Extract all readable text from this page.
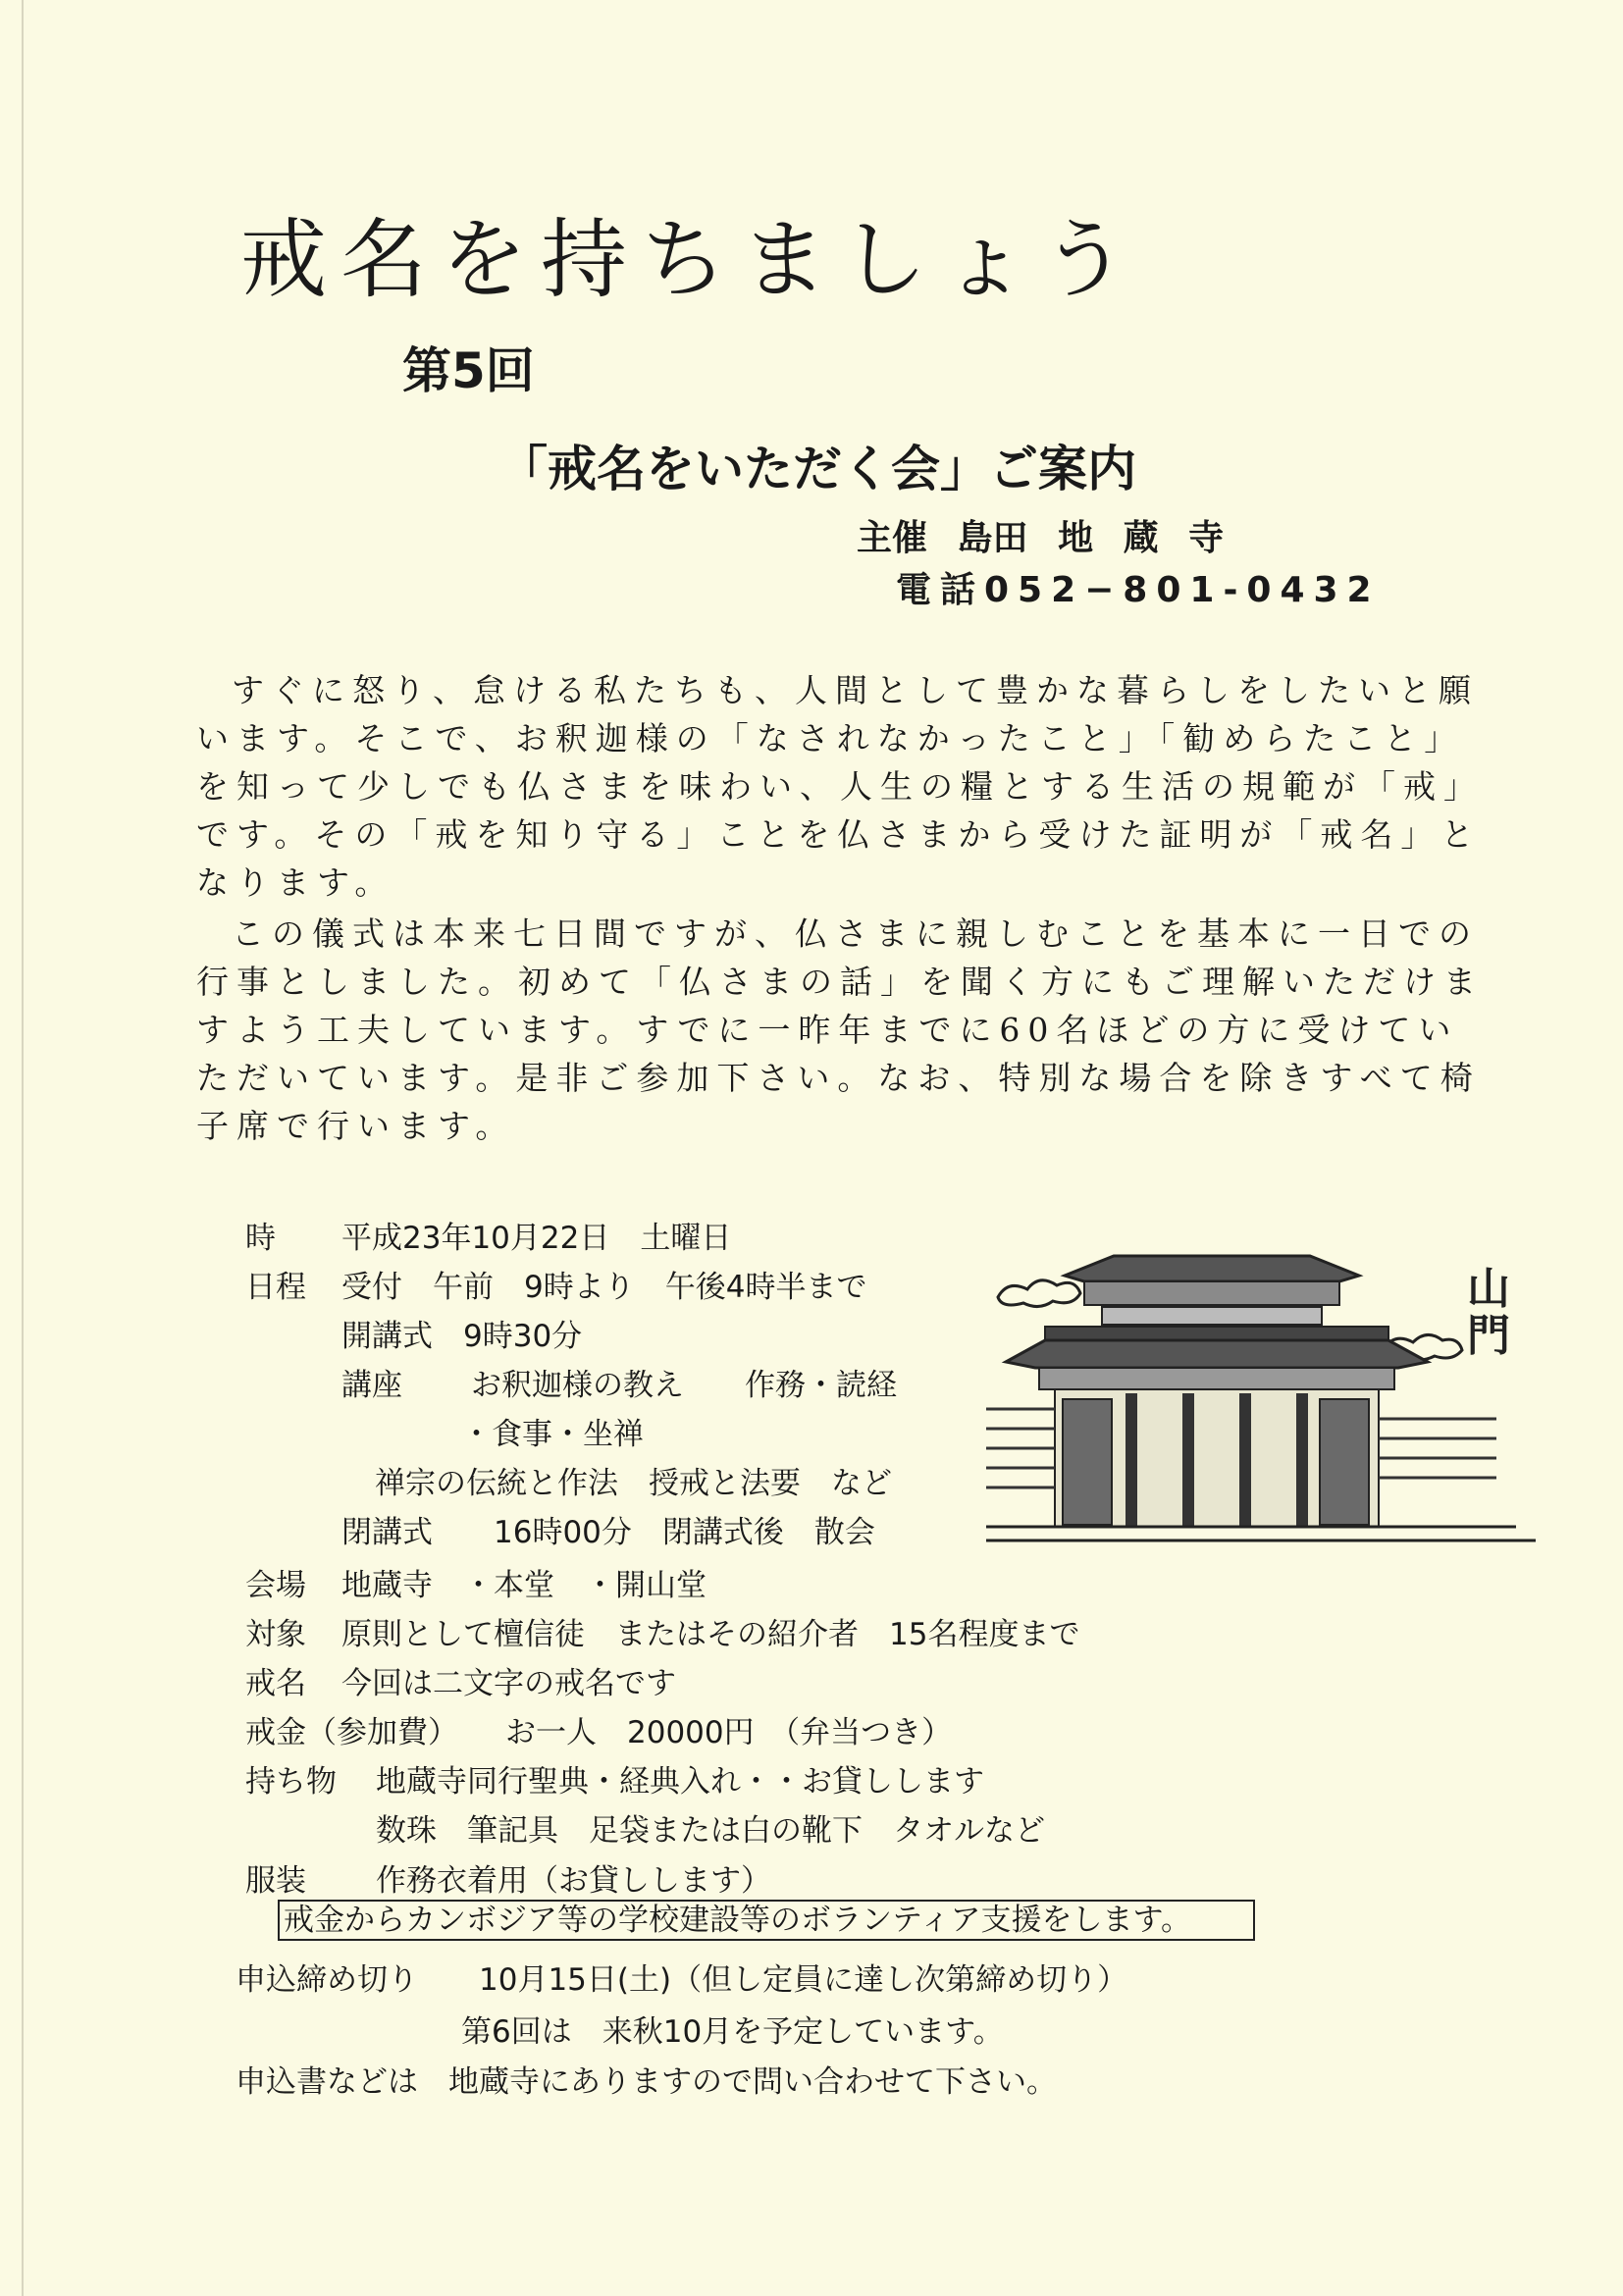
戒名を持ちましょう
第5回
「戒名をいただく会」ご案内
主催 島田 地 蔵 寺
電話052−801-0432
すぐに怒り、怠ける私たちも、人間として豊かな暮らしをしたいと願
います。そこで、お釈迦様の「なされなかったこと」「勧めらたこと」
を知って少しでも仏さまを味わい、人生の糧とする生活の規範が「戒」
です。その「戒を知り守る」ことを仏さまから受けた証明が「戒名」と
なります。
この儀式は本来七日間ですが、仏さまに親しむことを基本に一日での
行事としました。初めて「仏さまの話」を聞く方にもご理解いただけま
すよう工夫しています。すでに一昨年までに60名ほどの方に受けてい
ただいています。是非ご参加下さい。なお、特別な場合を除きすべて椅
子席で行います。
時 平成23年10月22日　土曜日
日程 受付　午前　9時より　午後4時半まで
開講式　9時30分
講座 お釈迦様の教え　　作務・読経
・食事・坐禅
禅宗の伝統と作法　授戒と法要　など
閉講式　　16時00分　閉講式後　散会
会場 地蔵寺　・本堂　・開山堂
対象 原則として檀信徒　またはその紹介者　15名程度まで
戒名 今回は二文字の戒名です
戒金（参加費） お一人　20000円　（弁当つき）
持ち物 地蔵寺同行聖典・経典入れ・・お貸しします
数珠　筆記具　足袋または白の靴下　タオルなど
服装 作務衣着用（お貸しします）
戒金からカンボジア等の学校建設等のボランティア支援をします。
申込締め切り 10月15日(土)（但し定員に達し次第締め切り）
第6回は　来秋10月を予定しています。
申込書などは　地蔵寺にありますので問い合わせて下さい。
山門
